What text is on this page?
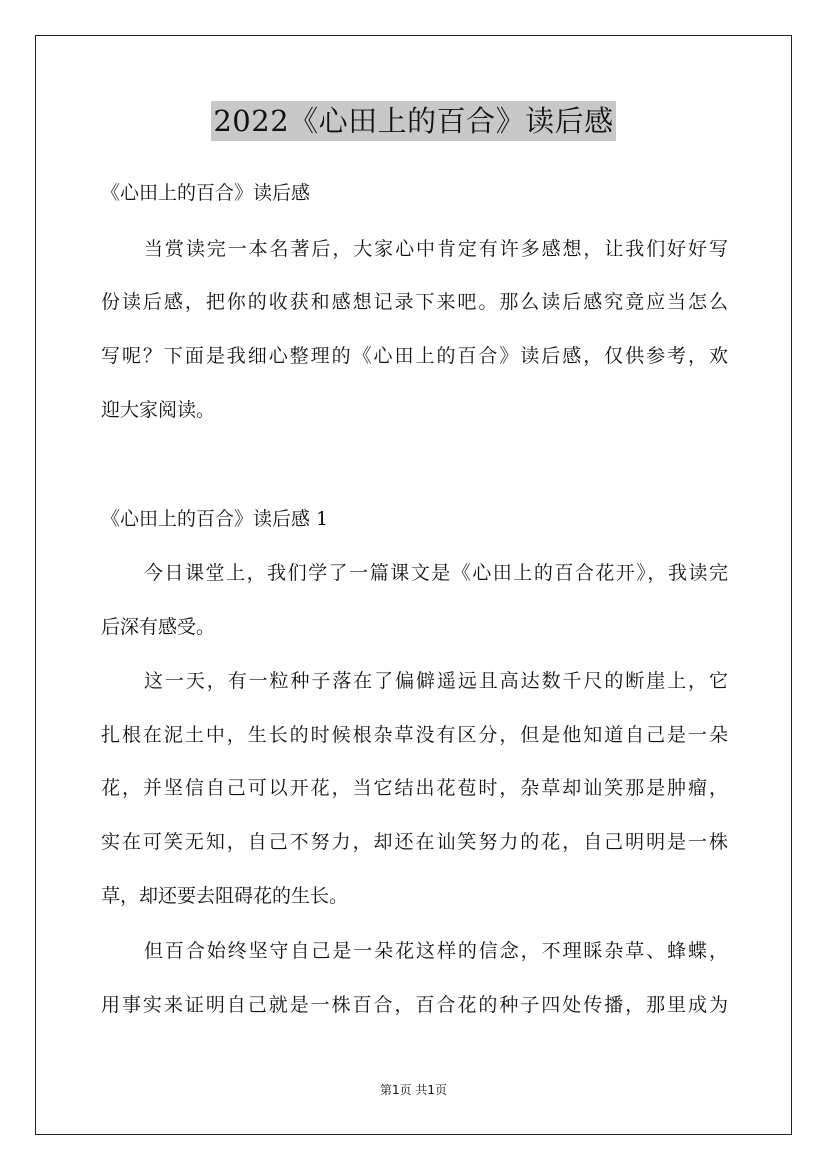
2022《心田上的百合》读后感
《心田上的百合》读后感
当赏读完一本名著后，大家心中肯定有许多感想，让我们好好写
份读后感，把你的收获和感想记录下来吧。那么读后感究竟应当怎么
写呢？下面是我细心整理的《心田上的百合》读后感，仅供参考，欢
迎大家阅读。
《心田上的百合》读后感 1
今日课堂上，我们学了一篇课文是《心田上的百合花开》，我读完
后深有感受。
这一天，有一粒种子落在了偏僻遥远且高达数千尺的断崖上，它
扎根在泥土中，生长的时候根杂草没有区分，但是他知道自己是一朵
花，并坚信自己可以开花，当它结出花苞时，杂草却讪笑那是肿瘤，
实在可笑无知，自己不努力，却还在讪笑努力的花，自己明明是一株
草，却还要去阻碍花的生长。
但百合始终坚守自己是一朵花这样的信念，不理睬杂草、蜂蝶，
用事实来证明自己就是一株百合，百合花的种子四处传播，那里成为
第1页 共1页
